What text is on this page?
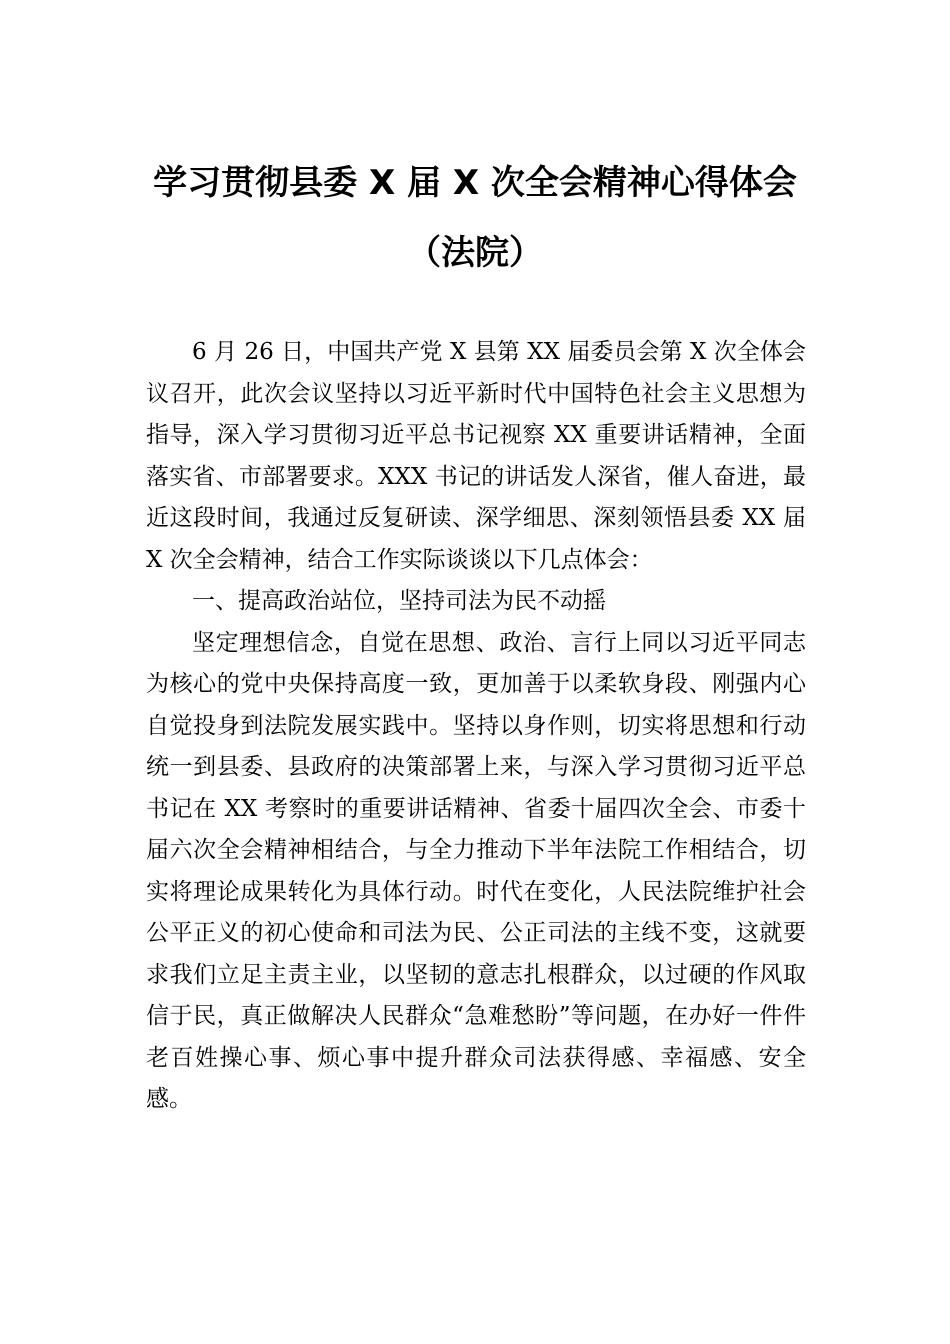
学习贯彻县委 X 届 X 次全会精神心得体会
（法院）

6 月 26 日，中国共产党 X 县第 XX 届委员会第 X 次全体会议召开，此次会议坚持以习近平新时代中国特色社会主义思想为指导，深入学习贯彻习近平总书记视察 XX 重要讲话精神，全面落实省、市部署要求。XXX 书记的讲话发人深省，催人奋进，最近这段时间，我通过反复研读、深学细思、深刻领悟县委 XX 届 X 次全会精神，结合工作实际谈谈以下几点体会：

一、提高政治站位，坚持司法为民不动摇

坚定理想信念，自觉在思想、政治、言行上同以习近平同志为核心的党中央保持高度一致，更加善于以柔软身段、刚强内心自觉投身到法院发展实践中。坚持以身作则，切实将思想和行动统一到县委、县政府的决策部署上来，与深入学习贯彻习近平总书记在 XX 考察时的重要讲话精神、省委十届四次全会、市委十届六次全会精神相结合，与全力推动下半年法院工作相结合，切实将理论成果转化为具体行动。时代在变化，人民法院维护社会公平正义的初心使命和司法为民、公正司法的主线不变，这就要求我们立足主责主业，以坚韧的意志扎根群众，以过硬的作风取信于民，真正做解决人民群众“急难愁盼”等问题，在办好一件件老百姓操心事、烦心事中提升群众司法获得感、幸福感、安全感。
